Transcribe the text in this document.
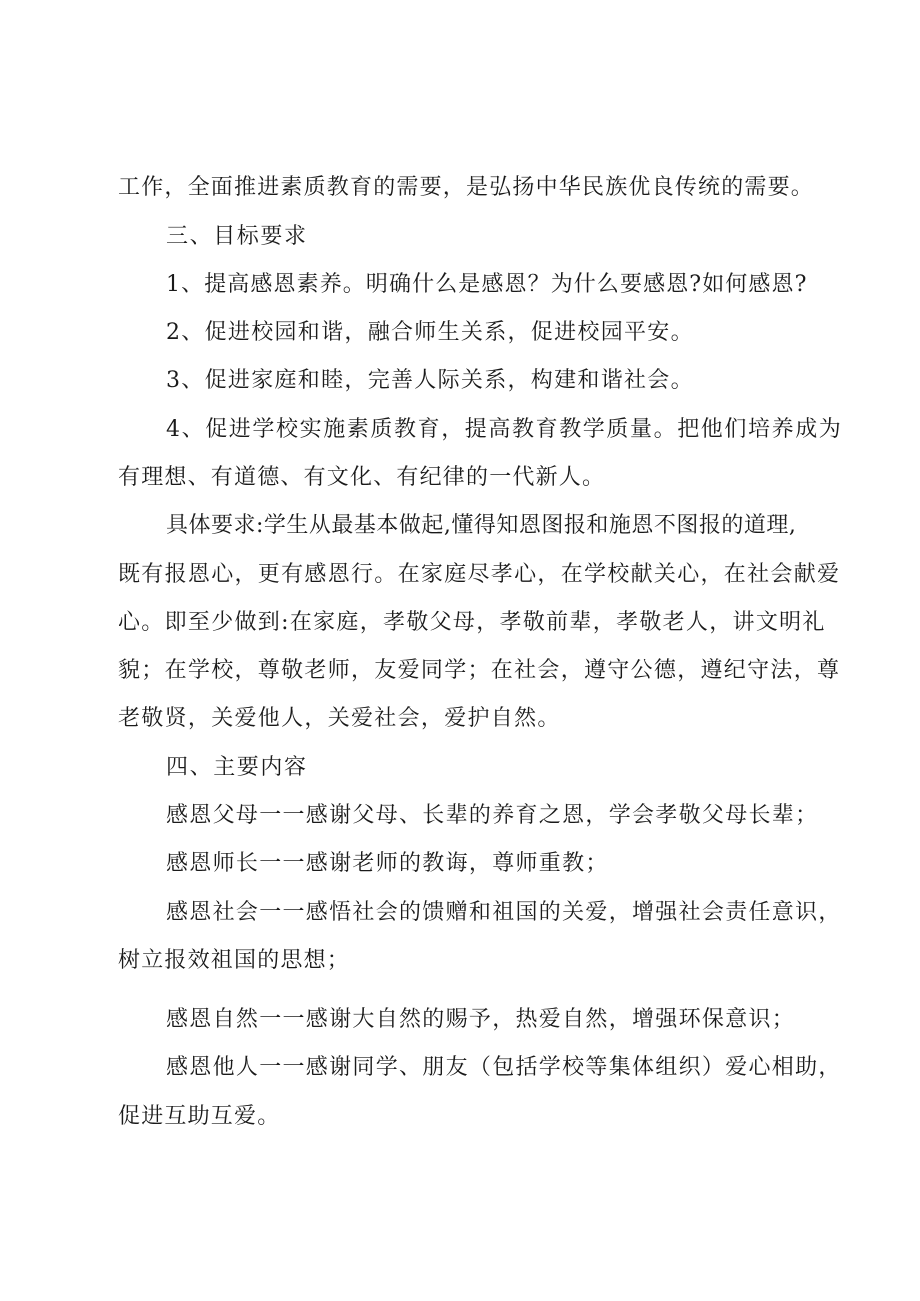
工作，全面推进素质教育的需要，是弘扬中华民族优良传统的需要。
三、目标要求
1、提高感恩素养。明确什么是感恩？为什么要感恩?如何感恩?
2、促进校园和谐，融合师生关系，促进校园平安。
3、促进家庭和睦，完善人际关系，构建和谐社会。
4、促进学校实施素质教育，提高教育教学质量。把他们培养成为
有理想、有道德、有文化、有纪律的一代新人。
具体要求:学生从最基本做起,懂得知恩图报和施恩不图报的道理,
既有报恩心，更有感恩行。在家庭尽孝心，在学校献关心，在社会献爱
心。即至少做到:在家庭，孝敬父母，孝敬前辈，孝敬老人，讲文明礼
貌；在学校，尊敬老师，友爱同学；在社会，遵守公德，遵纪守法，尊
老敬贤，关爱他人，关爱社会，爱护自然。
四、主要内容
感恩父母一一感谢父母、长辈的养育之恩，学会孝敬父母长辈；
感恩师长一一感谢老师的教诲，尊师重教；
感恩社会一一感悟社会的馈赠和祖国的关爱，增强社会责任意识，
树立报效祖国的思想；
感恩自然一一感谢大自然的赐予，热爱自然，增强环保意识；
感恩他人一一感谢同学、朋友（包括学校等集体组织）爱心相助，
促进互助互爱。
